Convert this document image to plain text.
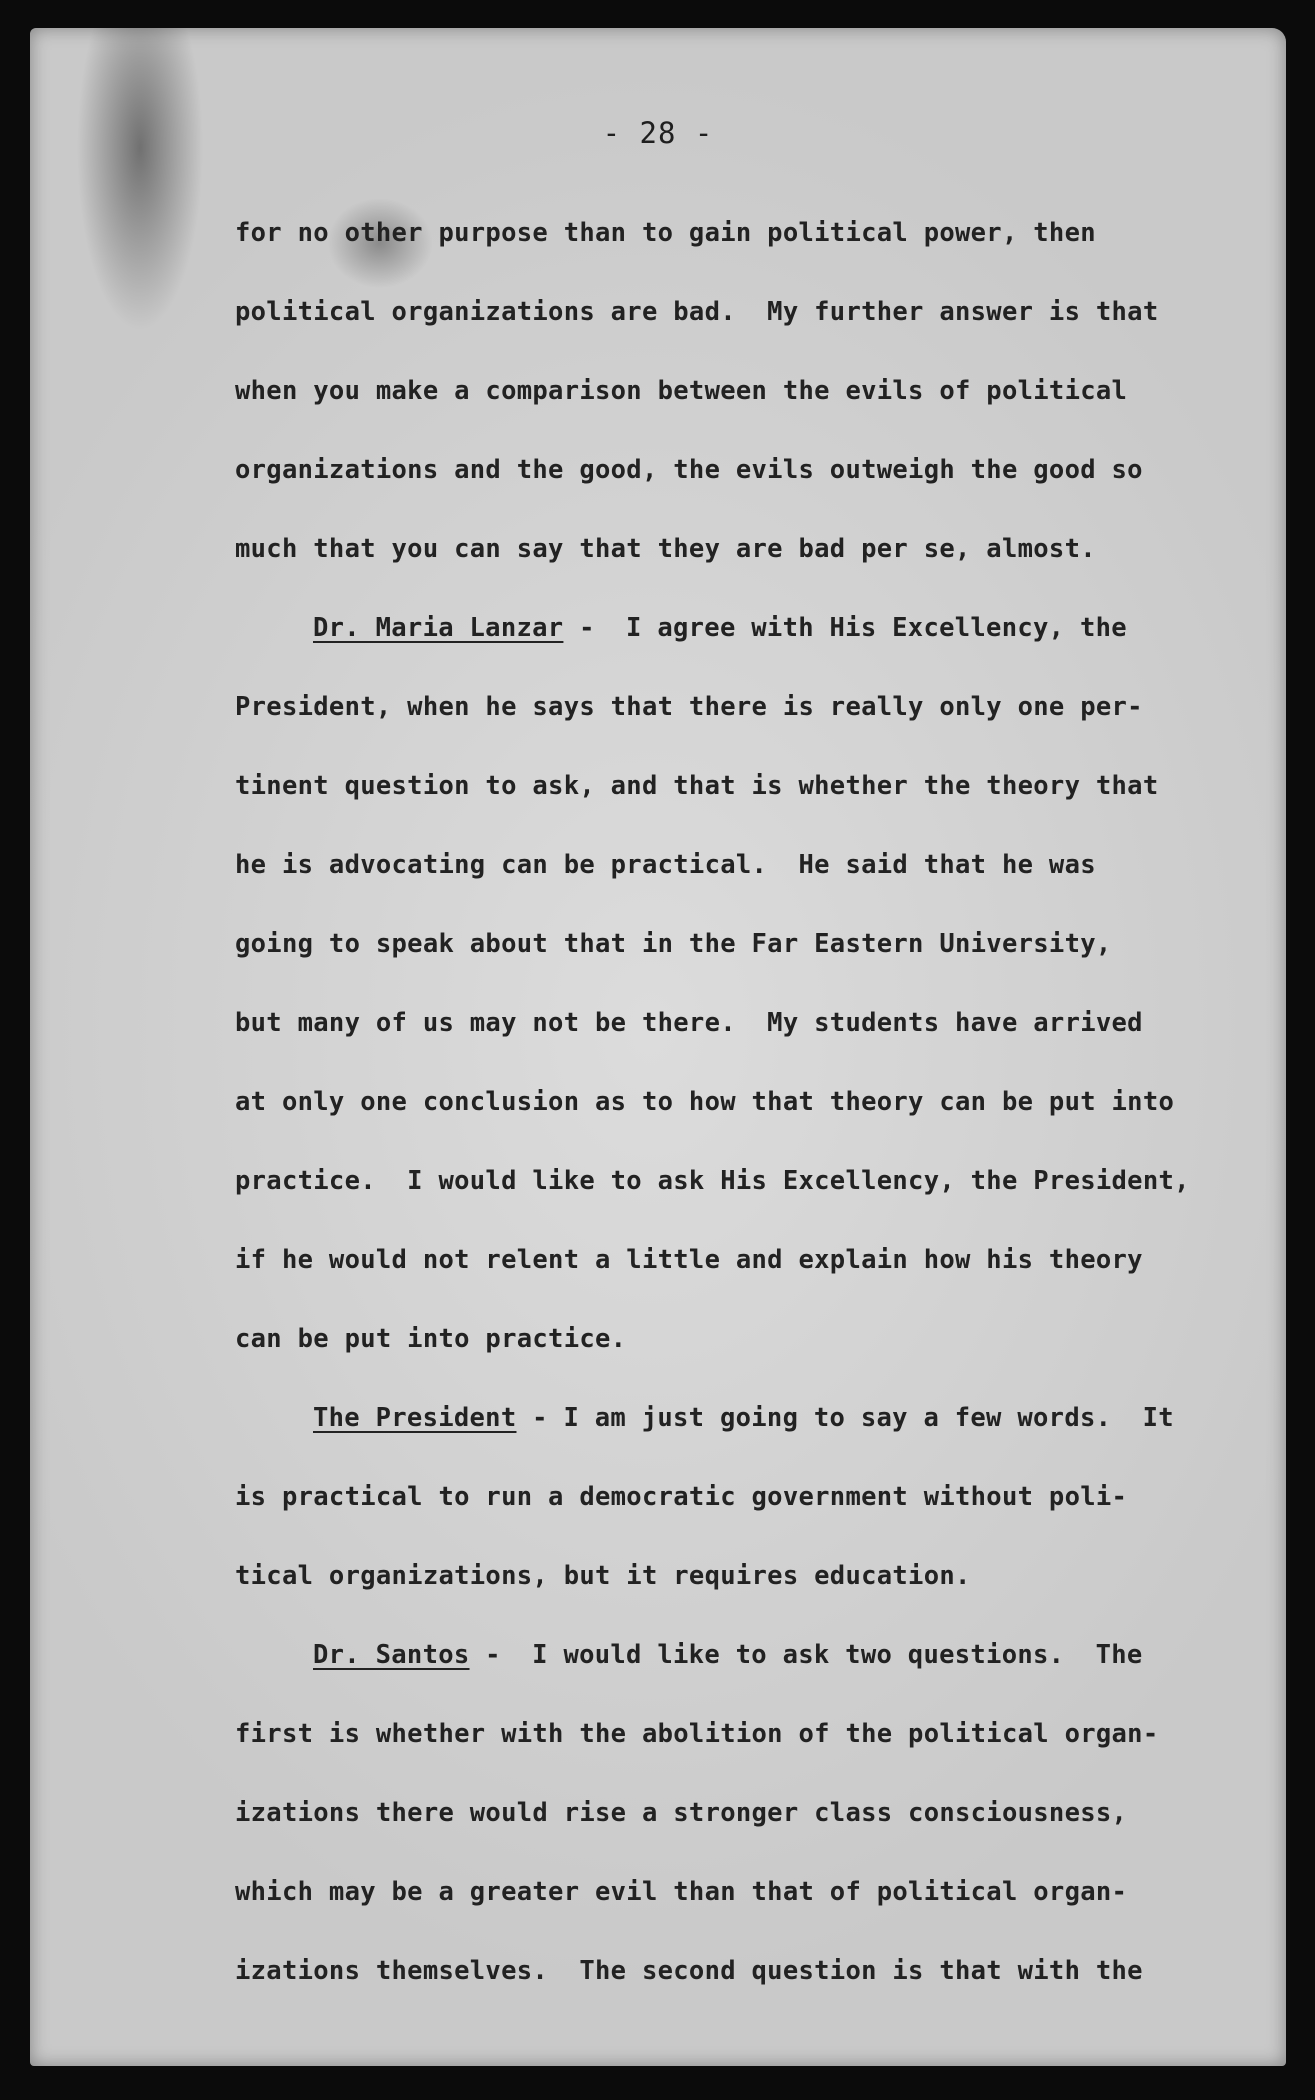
- 28 -
for no other purpose than to gain political power, then
political organizations are bad.  My further answer is that
when you make a comparison between the evils of political
organizations and the good, the evils outweigh the good so
much that you can say that they are bad per se, almost.
Dr. Maria Lanzar -  I agree with His Excellency, the
President, when he says that there is really only one per-
tinent question to ask, and that is whether the theory that
he is advocating can be practical.  He said that he was
going to speak about that in the Far Eastern University,
but many of us may not be there.  My students have arrived
at only one conclusion as to how that theory can be put into
practice.  I would like to ask His Excellency, the President,
if he would not relent a little and explain how his theory
can be put into practice.
The President - I am just going to say a few words.  It
is practical to run a democratic government without poli-
tical organizations, but it requires education.
Dr. Santos -  I would like to ask two questions.  The
first is whether with the abolition of the political organ-
izations there would rise a stronger class consciousness,
which may be a greater evil than that of political organ-
izations themselves.  The second question is that with the
